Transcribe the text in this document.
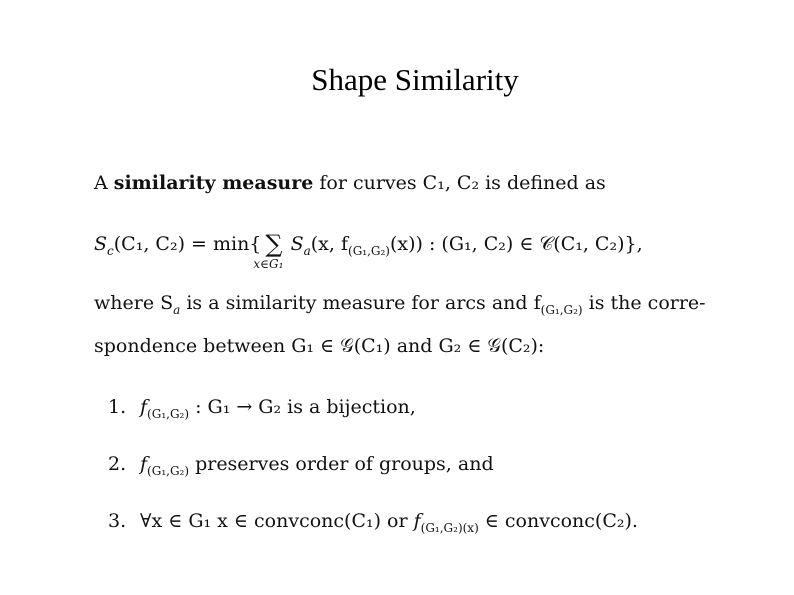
Shape Similarity
A similarity measure for curves C₁, C₂ is defined as
$S_c(C_1$, C₂) = min{ ∑
x∈G₁
$S_a(x$, $f_{(G_1,G_2)}(x)$) : (G₁, C₂) ∈ 𝒞(C₁, C₂)},
where $S_a$ is a similarity measure for arcs and $f_{(G_1,G_2)}$ is the corre-
spondence between G₁ ∈ 𝒢(C₁) and G₂ ∈ 𝒢(C₂):
1. $f_{(G_1,G_2)}$ : G₁ → G₂ is a bijection,
2. $f_{(G_1,G_2)}$ preserves order of groups, and
3. ∀x ∈ G₁ x ∈ convconc(C₁) or $f_{(G_1,G_2)(x)}$ ∈ convconc(C₂).
